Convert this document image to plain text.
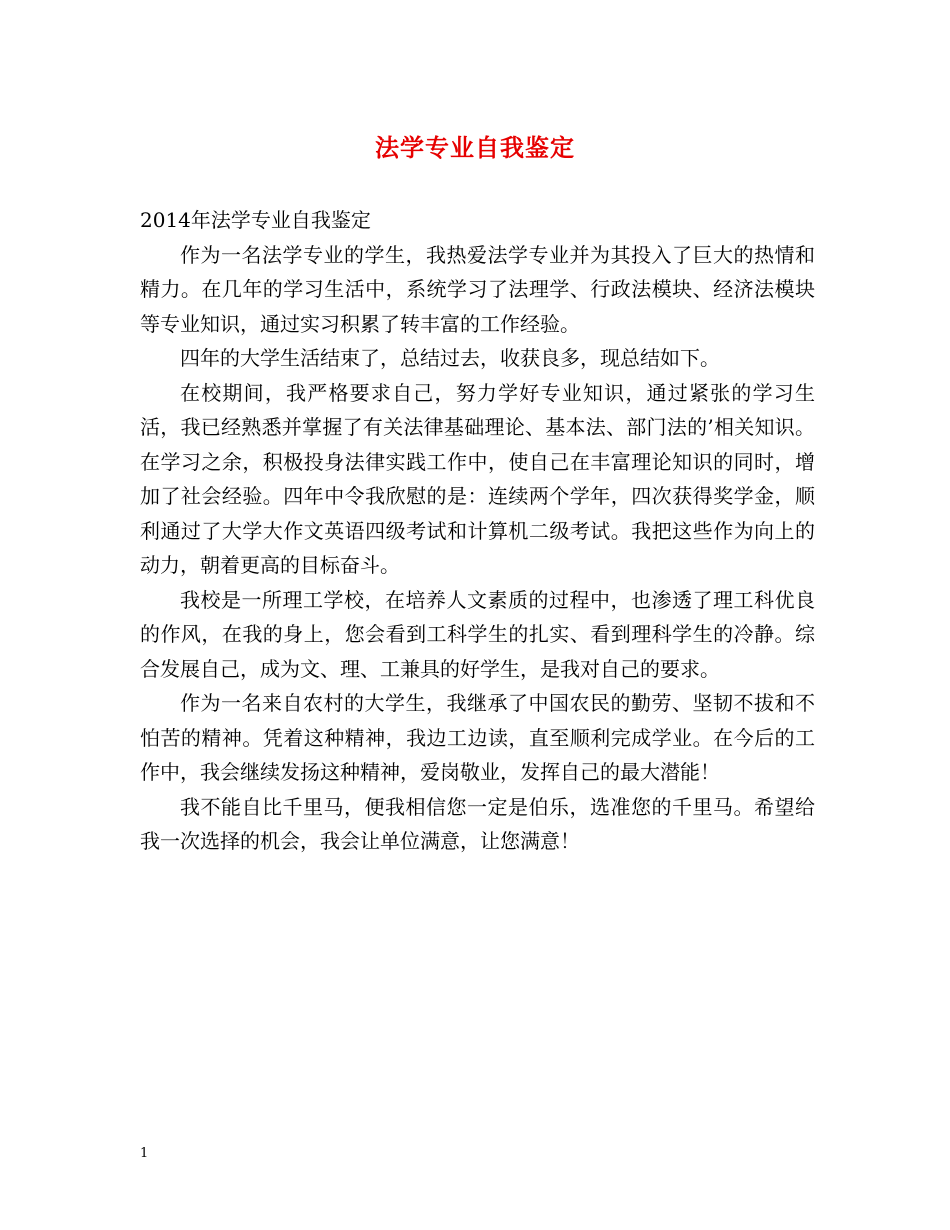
法学专业自我鉴定

2014年法学专业自我鉴定

作为一名法学专业的学生，我热爱法学专业并为其投入了巨大的热情和精力。在几年的学习生活中，系统学习了法理学、行政法模块、经济法模块等专业知识，通过实习积累了转丰富的工作经验。

四年的大学生活结束了，总结过去，收获良多，现总结如下。

在校期间，我严格要求自己，努力学好专业知识，通过紧张的学习生活，我已经熟悉并掌握了有关法律基础理论、基本法、部门法的’相关知识。在学习之余，积极投身法律实践工作中，使自己在丰富理论知识的同时，增加了社会经验。四年中令我欣慰的是：连续两个学年，四次获得奖学金，顺利通过了大学大作文英语四级考试和计算机二级考试。我把这些作为向上的动力，朝着更高的目标奋斗。

我校是一所理工学校，在培养人文素质的过程中，也渗透了理工科优良的作风，在我的身上，您会看到工科学生的扎实、看到理科学生的冷静。综合发展自己，成为文、理、工兼具的好学生，是我对自己的要求。

作为一名来自农村的大学生，我继承了中国农民的勤劳、坚韧不拔和不怕苦的精神。凭着这种精神，我边工边读，直至顺利完成学业。在今后的工作中，我会继续发扬这种精神，爱岗敬业，发挥自己的最大潜能！

我不能自比千里马，便我相信您一定是伯乐，选准您的千里马。希望给我一次选择的机会，我会让单位满意，让您满意！

1
